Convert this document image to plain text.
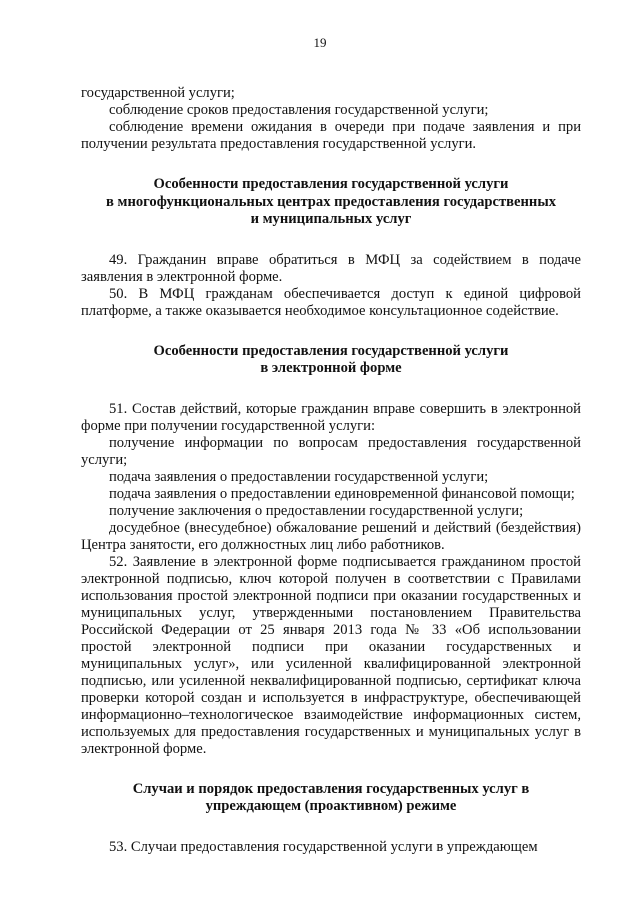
19

государственной услуги;

соблюдение сроков предоставления государственной услуги;

соблюдение времени ожидания в очереди при подаче заявления и при получении результата предоставления государственной услуги.

Особенности предоставления государственной услуги
в многофункциональных центрах предоставления государственных
и муниципальных услуг

49. Гражданин вправе обратиться в МФЦ за содействием в подаче заявления в электронной форме.

50. В МФЦ гражданам обеспечивается доступ к единой цифровой платформе, а также оказывается необходимое консультационное содействие.

Особенности предоставления государственной услуги
в электронной форме

51. Состав действий, которые гражданин вправе совершить в электронной форме при получении государственной услуги:

получение информации по вопросам предоставления государственной услуги;

подача заявления о предоставлении государственной услуги;

подача заявления о предоставлении единовременной финансовой помощи;

получение заключения о предоставлении государственной услуги;

досудебное (внесудебное) обжалование решений и действий (бездействия) Центра занятости, его должностных лиц либо работников.

52. Заявление в электронной форме подписывается гражданином простой электронной подписью, ключ которой получен в соответствии с Правилами использования простой электронной подписи при оказании государственных и муниципальных услуг, утвержденными постановлением Правительства Российской Федерации от 25 января 2013 года № 33 «Об использовании простой электронной подписи при оказании государственных и муниципальных услуг», или усиленной квалифицированной электронной подписью, или усиленной неквалифицированной подписью, сертификат ключа проверки которой создан и используется в инфраструктуре, обеспечивающей информационно–технологическое взаимодействие информационных систем, используемых для предоставления государственных и муниципальных услуг в электронной форме.

Случаи и порядок предоставления государственных услуг в
упреждающем (проактивном) режиме

53. Случаи предоставления государственной услуги в упреждающем
